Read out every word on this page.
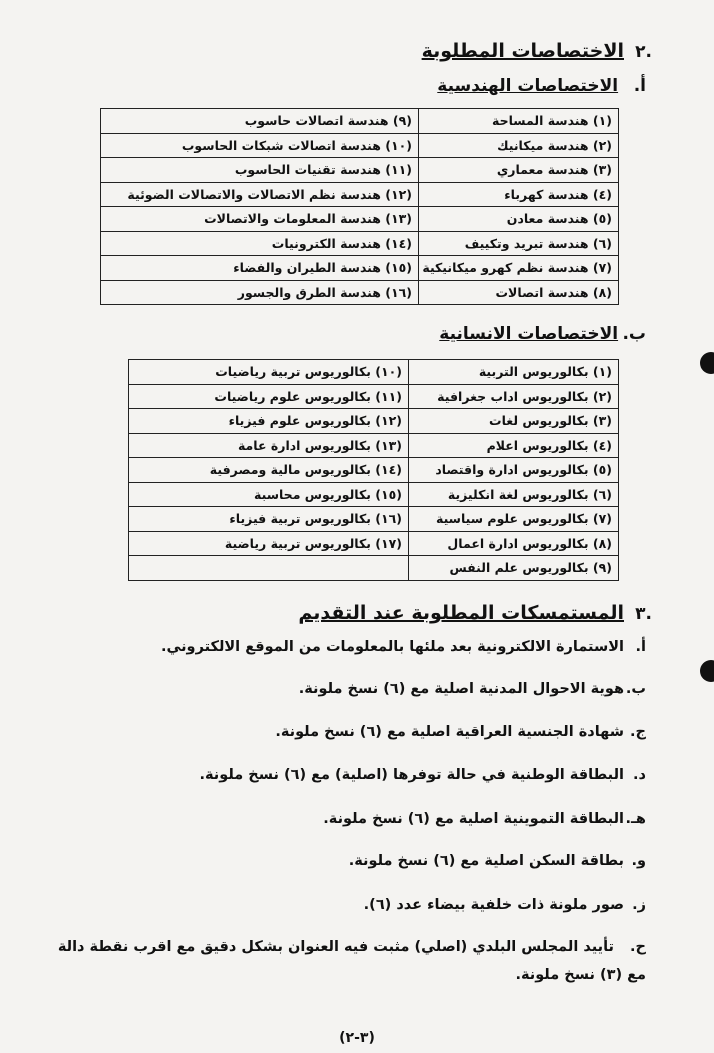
.٢
الاختصاصات المطلوبة
أ. الاختصاصات الهندسية
(١) هندسة المساحة	(٩) هندسة اتصالات حاسوب
(٢) هندسة ميكانيك	(١٠) هندسة اتصالات شبكات الحاسوب
(٣) هندسة معماري	(١١) هندسة تقنيات الحاسوب
(٤) هندسة كهرباء	(١٢) هندسة نظم الاتصالات والاتصالات الضوئية
(٥) هندسة معادن	(١٣) هندسة المعلومات والاتصالات
(٦) هندسة تبريد وتكييف	(١٤) هندسة الكترونيات
(٧) هندسة نظم كهرو ميكانيكية	(١٥) هندسة الطيران والفضاء
(٨) هندسة اتصالات	(١٦) هندسة الطرق والجسور
ب. الاختصاصات الانسانية
(١) بكالوريوس التربية	(١٠) بكالوريوس تربية رياضيات
(٢) بكالوريوس اداب جغرافية	(١١) بكالوريوس علوم رياضيات
(٣) بكالوريوس لغات	(١٢) بكالوريوس علوم فيزياء
(٤) بكالوريوس اعلام	(١٣) بكالوريوس ادارة عامة
(٥) بكالوريوس ادارة واقتصاد	(١٤) بكالوريوس مالية ومصرفية
(٦) بكالوريوس لغة انكليزية	(١٥) بكالوريوس محاسبة
(٧) بكالوريوس علوم سياسية	(١٦) بكالوريوس تربية فيزياء
(٨) بكالوريوس ادارة اعمال	(١٧) بكالوريوس تربية رياضية
(٩) بكالوريوس علم النفس	
.٣
المستمسكات المطلوبة عند التقديم
أ.الاستمارة الالكترونية بعد ملئها بالمعلومات من الموقع الالكتروني.
ب.هوية الاحوال المدنية اصلية مع (٦) نسخ ملونة.
ج.شهادة الجنسية العراقية اصلية مع (٦) نسخ ملونة.
د.البطاقة الوطنية في حالة توفرها (اصلية) مع (٦) نسخ ملونة.
هـ.البطاقة التموينية اصلية مع (٦) نسخ ملونة.
و.بطاقة السكن اصلية مع (٦) نسخ ملونة.
ز.صور ملونة ذات خلفية بيضاء عدد (٦).
ح.تأييد المجلس البلدي (اصلي) مثبت فيه العنوان بشكل دقيق مع اقرب نقطة دالة مع (٣) نسخ ملونة.
(٣-٢)
